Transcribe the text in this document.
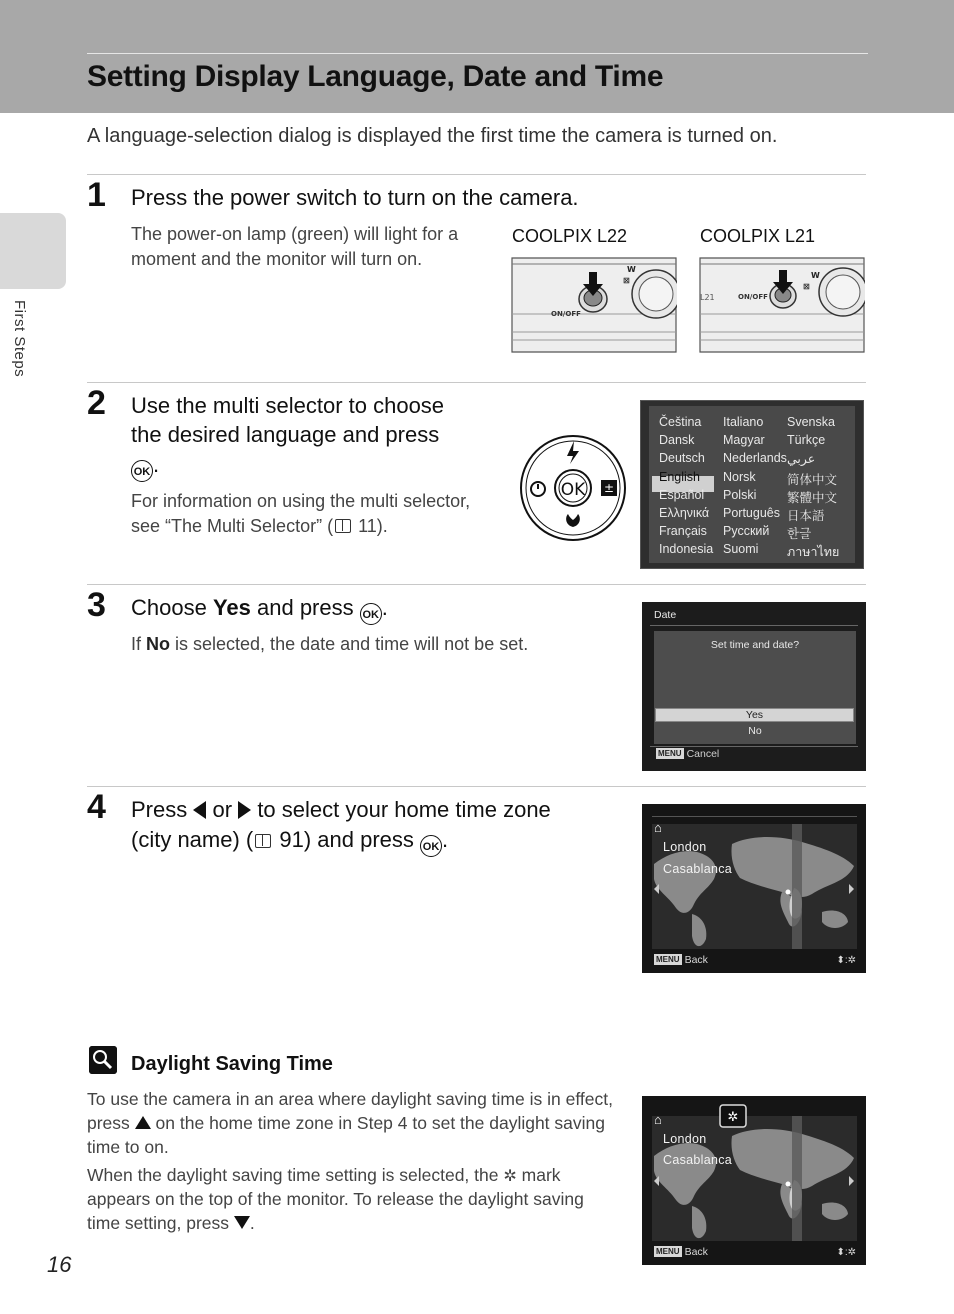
Setting Display Language, Date and Time
First Steps
A language-selection dialog is displayed the first time the camera is turned on.
1 Press the power switch to turn on the camera.
The power-on lamp (green) will light for a moment and the monitor will turn on.
COOLPIX L22	COOLPIX L21
⊠
W
ON/OFF
L21
⊠
W
ON/OFF
2 Use the multi selector to choose
the desired language and press
OK .
For information on using the multi selector,
see “The Multi Selector” ( 11).
OK ±
Čeština Italiano Svenska
Dansk Magyar Türkçe
Deutsch Nederlands عربي
English Norsk	简体中文
Español Polski 繁體中文
Ελληνικά Português 日本語
Français Русский 한글
Indonesia Suomi ภาษาไทย
3 Choose Yes and press OK .
If No is selected, the date and time will not be set.
Date
Set time and date?
Yes
No
MENU Cancel
4 Press or to select your home time zone
(city name) ( 91) and press OK .	⌂
London
Casablanca
MENU Back	⬍:✲
Daylight Saving Time
To use the camera in an area where daylight saving time is in effect,
press on the home time zone in Step 4 to set the daylight saving
time to on.
When the daylight saving time setting is selected, the ✲ mark
appears on the top of the monitor. To release the daylight saving
time setting, press .
✲
⌂
London
Casablanca
MENU Back	⬍:✲
16
